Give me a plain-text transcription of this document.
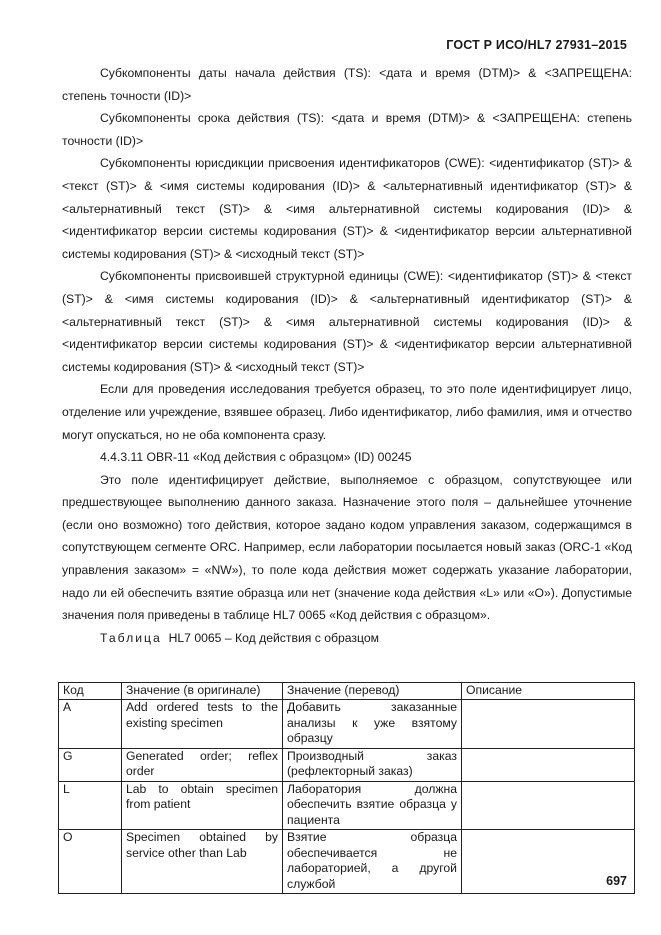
ГОСТ Р ИСО/HL7 27931–2015

Субкомпоненты даты начала действия (TS): <дата и время (DTM)> & <ЗАПРЕЩЕНА: степень точности (ID)>

Субкомпоненты срока действия (TS): <дата и время (DTM)> & <ЗАПРЕЩЕНА: степень точности (ID)>

Субкомпоненты юрисдикции присвоения идентификаторов (CWE): <идентификатор (ST)> & <текст (ST)> & <имя системы кодирования (ID)> & <альтернативный идентификатор (ST)> & <альтернативный текст (ST)> & <имя альтернативной системы кодирования (ID)> & <идентификатор версии системы кодирования (ST)> & <идентификатор версии альтернативной системы кодирования (ST)> & <исходный текст (ST)>

Субкомпоненты присвоившей структурной единицы (CWE): <идентификатор (ST)> & <текст (ST)> & <имя системы кодирования (ID)> & <альтернативный идентификатор (ST)> & <альтернативный текст (ST)> & <имя альтернативной системы кодирования (ID)> & <идентификатор версии системы кодирования (ST)> & <идентификатор версии альтернативной системы кодирования (ST)> & <исходный текст (ST)>

Если для проведения исследования требуется образец, то это поле идентифицирует лицо, отделение или учреждение, взявшее образец. Либо идентификатор, либо фамилия, имя и отчество могут опускаться, но не оба компонента сразу.

4.4.3.11 OBR-11 «Код действия с образцом» (ID) 00245

Это поле идентифицирует действие, выполняемое с образцом, сопутствующее или предшествующее выполнению данного заказа. Назначение этого поля – дальнейшее уточнение (если оно возможно) того действия, которое задано кодом управления заказом, содержащимся в сопутствующем сегменте ORC. Например, если лаборатории посылается новый заказ (ORC-1 «Код управления заказом» = «NW»), то поле кода действия может содержать указание лаборатории, надо ли ей обеспечить взятие образца или нет (значение кода действия «L» или «O»). Допустимые значения поля приведены в таблице HL7 0065 «Код действия с образцом».

Таблица HL7 0065 – Код действия с образцом

Код	Значение (в оригинале)	Значение (перевод)	Описание
A	Add ordered tests to the existing specimen	Добавить заказанные анализы к уже взятому образцу	
G	Generated order; reflex order	Производный заказ (рефлекторный заказ)	
L	Lab to obtain specimen from patient	Лаборатория должна обеспечить взятие образца у пациента	
O	Specimen obtained by service other than Lab	Взятие образца обеспечивается не лабораторией, а другой службой		697
